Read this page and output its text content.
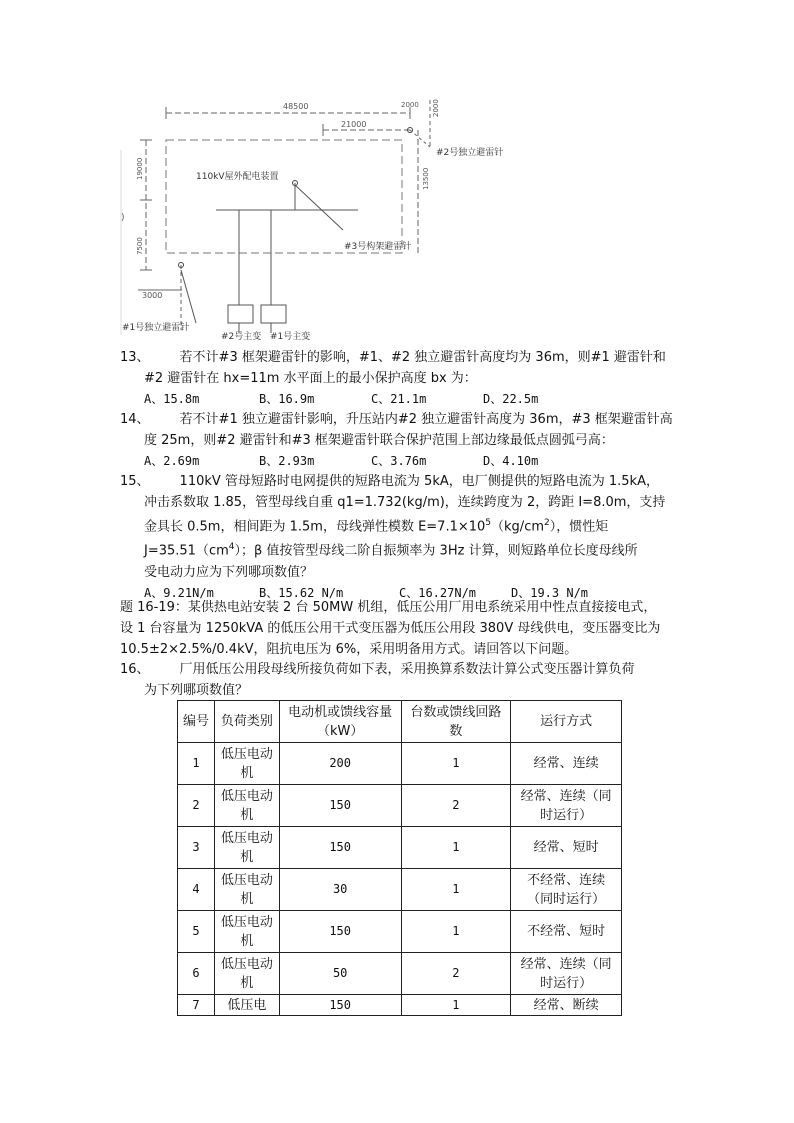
48500
21000
2000 2000
13500
19000
7500
3000
)
110kV屋外配电装置
#2号独立避雷针
#3号构架避雷针
#1号独立避雷针
#2号主变 #1号主变
13、 若不计#3 框架避雷针的影响，#1、#2 独立避雷针高度均为 36m，则#1 避雷针和
#2 避雷针在 hx=11m 水平面上的最小保护高度 bx 为：
A、15.8m	B、16.9m	C、21.1m	D、22.5m
14、 若不计#1 独立避雷针影响，升压站内#2 独立避雷针高度为 36m，#3 框架避雷针高
度 25m，则#2 避雷针和#3 框架避雷针联合保护范围上部边缘最低点圆弧弓高：
A、2.69m	B、2.93m	C、3.76m	D、4.10m
15、 110kV 管母短路时电网提供的短路电流为 5kA，电厂侧提供的短路电流为 1.5kA，
冲击系数取 1.85，管型母线自重 q1=1.732(kg/m)，连续跨度为 2，跨距 I=8.0m，支持
金具长 0.5m，相间距为 1.5m，母线弹性模数 $E=7.1\times 10^5(kg/cm^2)$，惯性矩
$J=35.51(cm^4)$；β 值按管型母线二阶自振频率为 3Hz 计算，则短路单位长度母线所
受电动力应为下列哪项数值？
A、9.21N/m	B、15.62 N/m	C、16.27N/m	D、19.3 N/m
题 16-19：某供热电站安装 2 台 50MW 机组，低压公用厂用电系统采用中性点直接接电式，
设 1 台容量为 1250kVA 的低压公用干式变压器为低压公用段 380V 母线供电，变压器变比为
10.5±2×2.5%/0.4kV，阻抗电压为 6%，采用明备用方式。请回答以下问题。
16、 厂用低压公用段母线所接负荷如下表，采用换算系数法计算公式变压器计算负荷
为下列哪项数值？
编号	负荷类别	电动机或馈线容量（kW）	台数或馈线回路数	运行方式
1	低压电动机	200	1	经常、连续
2	低压电动机	150	2	经常、连续（同时运行）
3	低压电动机	150	1	经常、短时
4	低压电动机	30	1	不经常、连续（同时运行）
5	低压电动机	150	1	不经常、短时
6	低压电动机	50	2	经常、连续（同时运行）
7	低压电	150	1	经常、断续
